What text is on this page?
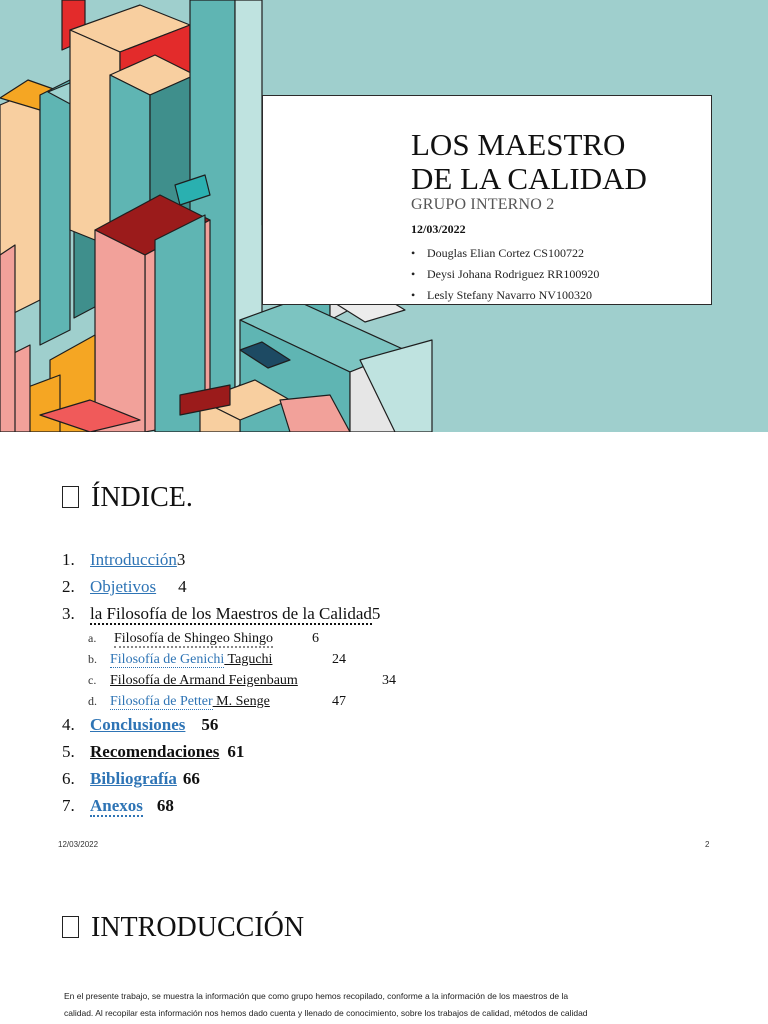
LOS MAESTRO
DE LA CALIDAD
GRUPO INTERNO 2
12/03/2022
• Douglas Elian Cortez CS100722
• Deysi Johana Rodriguez RR100920
• Lesly Stefany Navarro NV100320
ÍNDICE.
1. Introducción3
2. Objetivos 4
3. la Filosofía de los Maestros de la Calidad5
a. Filosofía de Shingeo Shingo	6
b. Filosofía de Genichi Taguchi	24
c. Filosofía de Armand Feigenbaum	34
d. Filosofía de Petter M. Senge	47
4. Conclusiones 56
5. Recomendaciones 61
6. Bibliografía 66
7. Anexos 68
12/03/2022	2
INTRODUCCIÓN
En el presente trabajo, se muestra la información que como grupo hemos recopilado, conforme a la información de los maestros de la
calidad. Al recopilar esta información nos hemos dado cuenta y llenado de conocimiento, sobre los trabajos de calidad, métodos de calidad
